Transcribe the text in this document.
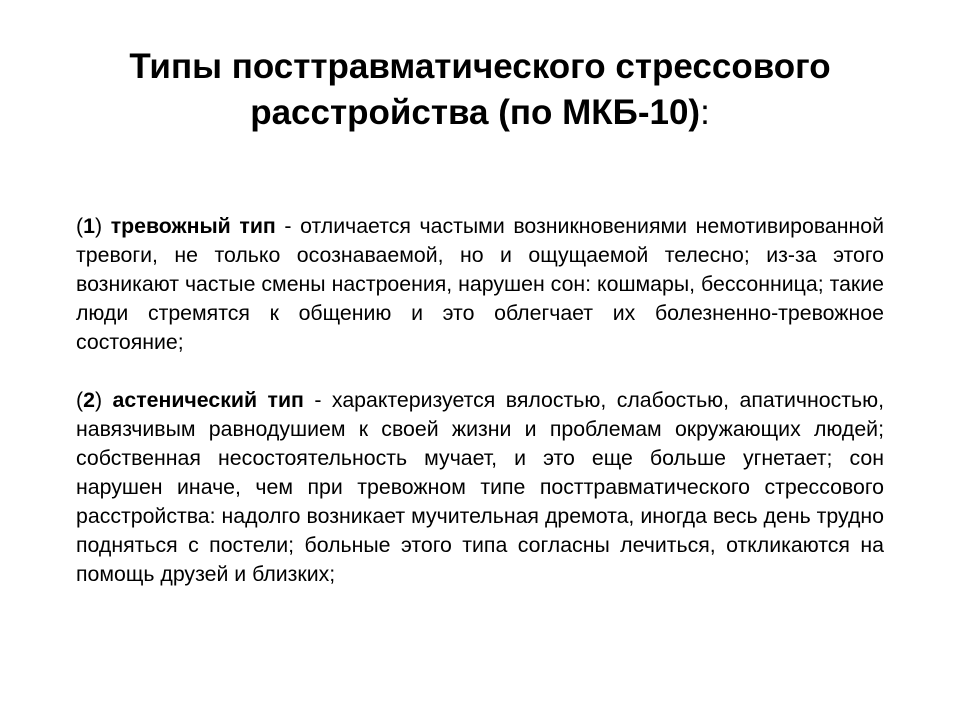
Типы посттравматического стрессового
расстройства (по МКБ-10):

(1) тревожный тип - отличается частыми возникновениями немотивированной тревоги, не только осознаваемой, но и ощущаемой телесно; из-за этого возникают частые смены настроения, нарушен сон: кошмары, бессонница; такие люди стремятся к общению и это облегчает их болезненно-тревожное состояние;

(2) астенический тип - характеризуется вялостью, слабостью, апатичностью, навязчивым равнодушием к своей жизни и проблемам окружающих людей; собственная несостоятельность мучает, и это еще больше угнетает; сон нарушен иначе, чем при тревожном типе посттравматического стрессового расстройства: надолго возникает мучительная дремота, иногда весь день трудно подняться с постели; больные этого типа согласны лечиться, откликаются на помощь друзей и близких;
